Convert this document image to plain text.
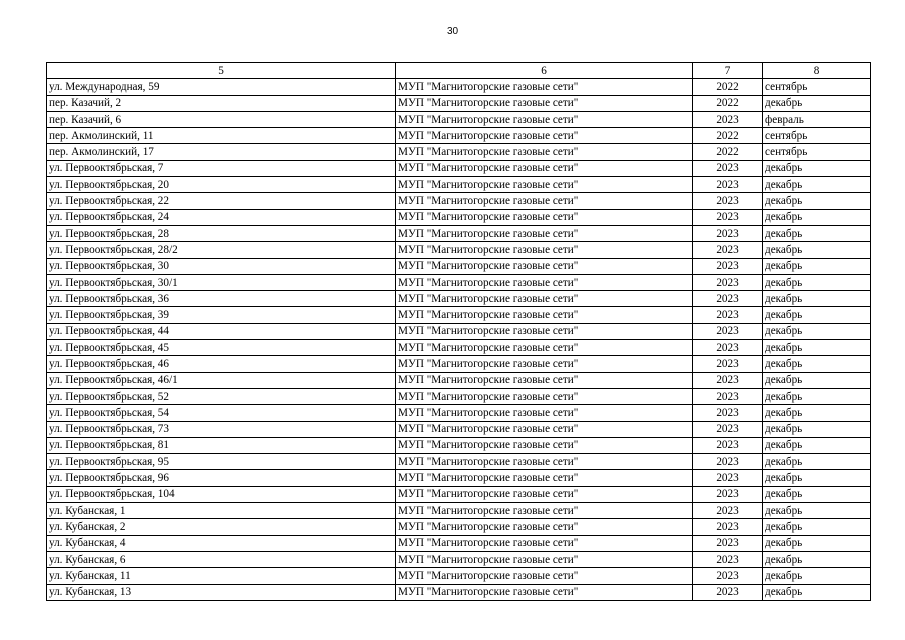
30
5	6	7	8
ул. Международная, 59	МУП "Магнитогорские газовые сети"	2022	сентябрь
пер. Казачий, 2	МУП "Магнитогорские газовые сети"	2022	декабрь
пер. Казачий, 6	МУП "Магнитогорские газовые сети"	2023	февраль
пер. Акмолинский, 11	МУП "Магнитогорские газовые сети"	2022	сентябрь
пер. Акмолинский, 17	МУП "Магнитогорские газовые сети"	2022	сентябрь
ул. Первооктябрьская, 7	МУП "Магнитогорские газовые сети"	2023	декабрь
ул. Первооктябрьская, 20	МУП "Магнитогорские газовые сети"	2023	декабрь
ул. Первооктябрьская, 22	МУП "Магнитогорские газовые сети"	2023	декабрь
ул. Первооктябрьская, 24	МУП "Магнитогорские газовые сети"	2023	декабрь
ул. Первооктябрьская, 28	МУП "Магнитогорские газовые сети"	2023	декабрь
ул. Первооктябрьская, 28/2	МУП "Магнитогорские газовые сети"	2023	декабрь
ул. Первооктябрьская, 30	МУП "Магнитогорские газовые сети"	2023	декабрь
ул. Первооктябрьская, 30/1	МУП "Магнитогорские газовые сети"	2023	декабрь
ул. Первооктябрьская, 36	МУП "Магнитогорские газовые сети"	2023	декабрь
ул. Первооктябрьская, 39	МУП "Магнитогорские газовые сети"	2023	декабрь
ул. Первооктябрьская, 44	МУП "Магнитогорские газовые сети"	2023	декабрь
ул. Первооктябрьская, 45	МУП "Магнитогорские газовые сети"	2023	декабрь
ул. Первооктябрьская, 46	МУП "Магнитогорские газовые сети"	2023	декабрь
ул. Первооктябрьская, 46/1	МУП "Магнитогорские газовые сети"	2023	декабрь
ул. Первооктябрьская, 52	МУП "Магнитогорские газовые сети"	2023	декабрь
ул. Первооктябрьская, 54	МУП "Магнитогорские газовые сети"	2023	декабрь
ул. Первооктябрьская, 73	МУП "Магнитогорские газовые сети"	2023	декабрь
ул. Первооктябрьская, 81	МУП "Магнитогорские газовые сети"	2023	декабрь
ул. Первооктябрьская, 95	МУП "Магнитогорские газовые сети"	2023	декабрь
ул. Первооктябрьская, 96	МУП "Магнитогорские газовые сети"	2023	декабрь
ул. Первооктябрьская, 104	МУП "Магнитогорские газовые сети"	2023	декабрь
ул. Кубанская, 1	МУП "Магнитогорские газовые сети"	2023	декабрь
ул. Кубанская, 2	МУП "Магнитогорские газовые сети"	2023	декабрь
ул. Кубанская, 4	МУП "Магнитогорские газовые сети"	2023	декабрь
ул. Кубанская, 6	МУП "Магнитогорские газовые сети"	2023	декабрь
ул. Кубанская, 11	МУП "Магнитогорские газовые сети"	2023	декабрь
ул. Кубанская, 13	МУП "Магнитогорские газовые сети"	2023	декабрь
